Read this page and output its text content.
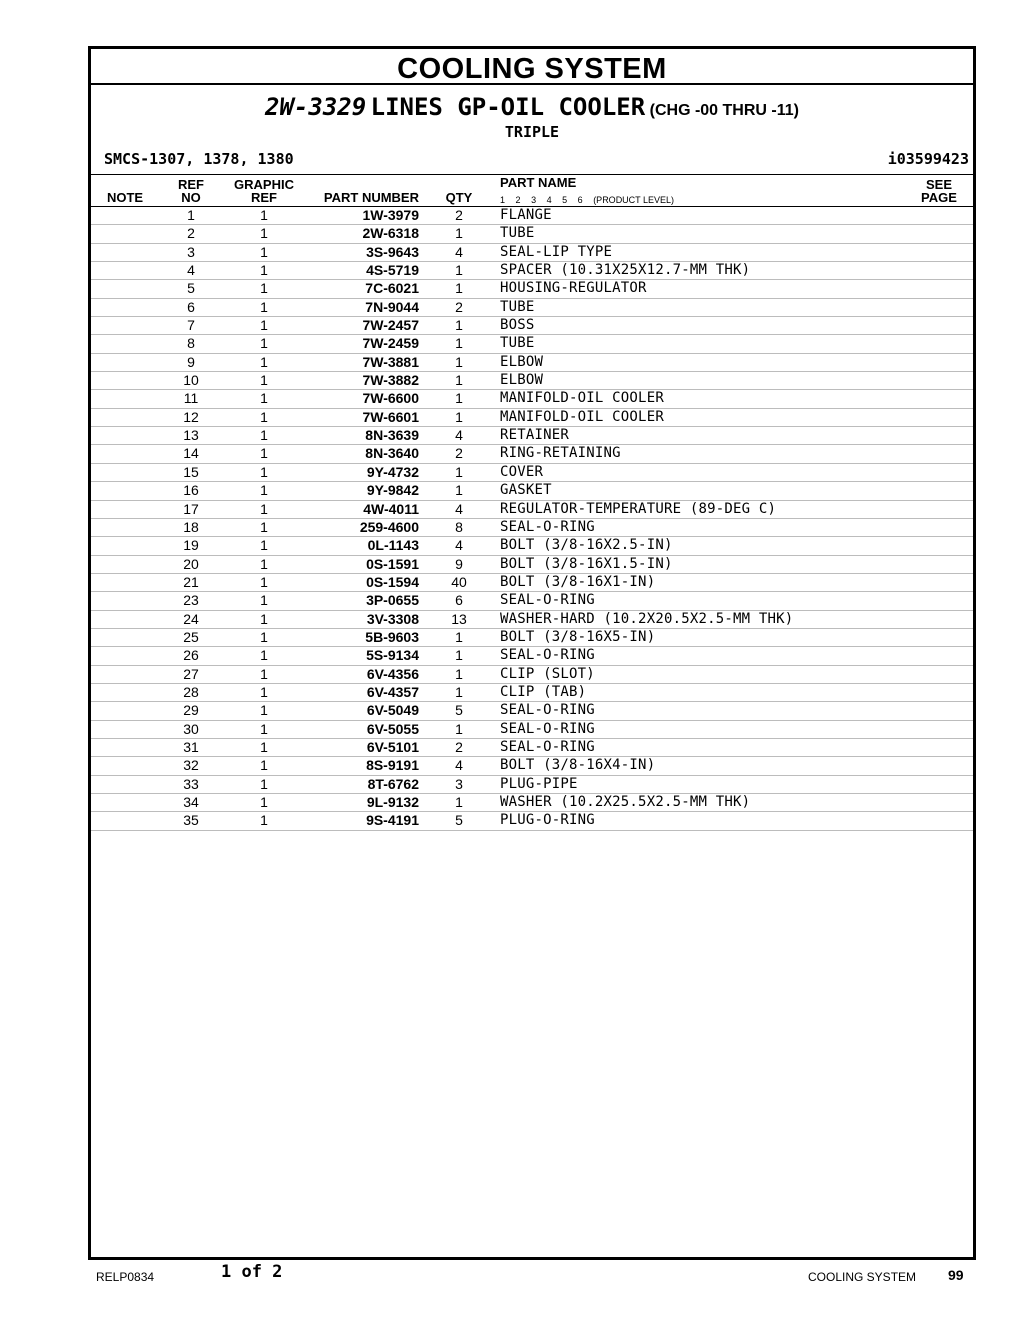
COOLING SYSTEM
2W-3329 LINES GP-OIL COOLER (CHG -00 THRU -11)
TRIPLE
SMCS-1307, 1378, 1380	i03599423
NOTE
REF
NO
GRAPHIC
REF	PART NUMBER	QTY
PART NAME
1 2 3 4 5 6 (PRODUCT LEVEL)
SEE
PAGE
1	1	1W-3979	2	FLANGE
2	1	2W-6318	1	TUBE
3	1	3S-9643	4	SEAL-LIP TYPE
4	1	4S-5719	1	SPACER (10.31X25X12.7-MM THK)
5	1	7C-6021	1	HOUSING-REGULATOR
6	1	7N-9044	2	TUBE
7	1	7W-2457	1	BOSS
8	1	7W-2459	1	TUBE
9	1	7W-3881	1	ELBOW
10	1	7W-3882	1	ELBOW
11	1	7W-6600	1	MANIFOLD-OIL COOLER
12	1	7W-6601	1	MANIFOLD-OIL COOLER
13	1	8N-3639	4	RETAINER
14	1	8N-3640	2	RING-RETAINING
15	1	9Y-4732	1	COVER
16	1	9Y-9842	1	GASKET
17	1	4W-4011	4	REGULATOR-TEMPERATURE (89-DEG C)
18	1	259-4600	8	SEAL-O-RING
19	1	0L-1143	4	BOLT (3/8-16X2.5-IN)
20	1	0S-1591	9	BOLT (3/8-16X1.5-IN)
21	1	0S-1594	40	BOLT (3/8-16X1-IN)
23	1	3P-0655	6	SEAL-O-RING
24	1	3V-3308	13	WASHER-HARD (10.2X20.5X2.5-MM THK)
25	1	5B-9603	1	BOLT (3/8-16X5-IN)
26	1	5S-9134	1	SEAL-O-RING
27	1	6V-4356	1	CLIP (SLOT)
28	1	6V-4357	1	CLIP (TAB)
29	1	6V-5049	5	SEAL-O-RING
30	1	6V-5055	1	SEAL-O-RING
31	1	6V-5101	2	SEAL-O-RING
32	1	8S-9191	4	BOLT (3/8-16X4-IN)
33	1	8T-6762	3	PLUG-PIPE
34	1	9L-9132	1	WASHER (10.2X25.5X2.5-MM THK)
35	1	9S-4191	5	PLUG-O-RING
RELP0834	1 of 2	COOLING SYSTEM 99
